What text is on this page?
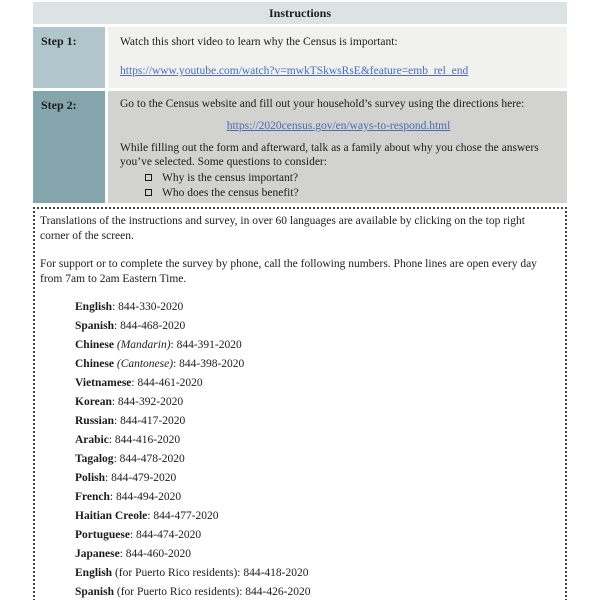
Instructions
Step 1:	Watch this short video to learn why the Census is important:

https://www.youtube.com/watch?v=mwkTSkwsRsE&feature=emb_rel_end

Step 2:	Go to the Census website and fill out your household’s survey using the directions here:

https://2020census.gov/en/ways-to-respond.html

While filling out the form and afterward, talk as a family about why you chose the answers you’ve selected. Some questions to consider:

Why is the census important?
Who does the census benefit?

Translations of the instructions and survey, in over 60 languages are available by clicking on the top right corner of the screen.

For support or to complete the survey by phone, call the following numbers. Phone lines are open every day from 7am to 2am Eastern Time.

English: 844-330-2020
Spanish: 844-468-2020
Chinese (Mandarin): 844-391-2020
Chinese (Cantonese): 844-398-2020
Vietnamese: 844-461-2020
Korean: 844-392-2020
Russian: 844-417-2020
Arabic: 844-416-2020
Tagalog: 844-478-2020
Polish: 844-479-2020
French: 844-494-2020
Haitian Creole: 844-477-2020
Portuguese: 844-474-2020
Japanese: 844-460-2020
English (for Puerto Rico residents): 844-418-2020
Spanish (for Puerto Rico residents): 844-426-2020
